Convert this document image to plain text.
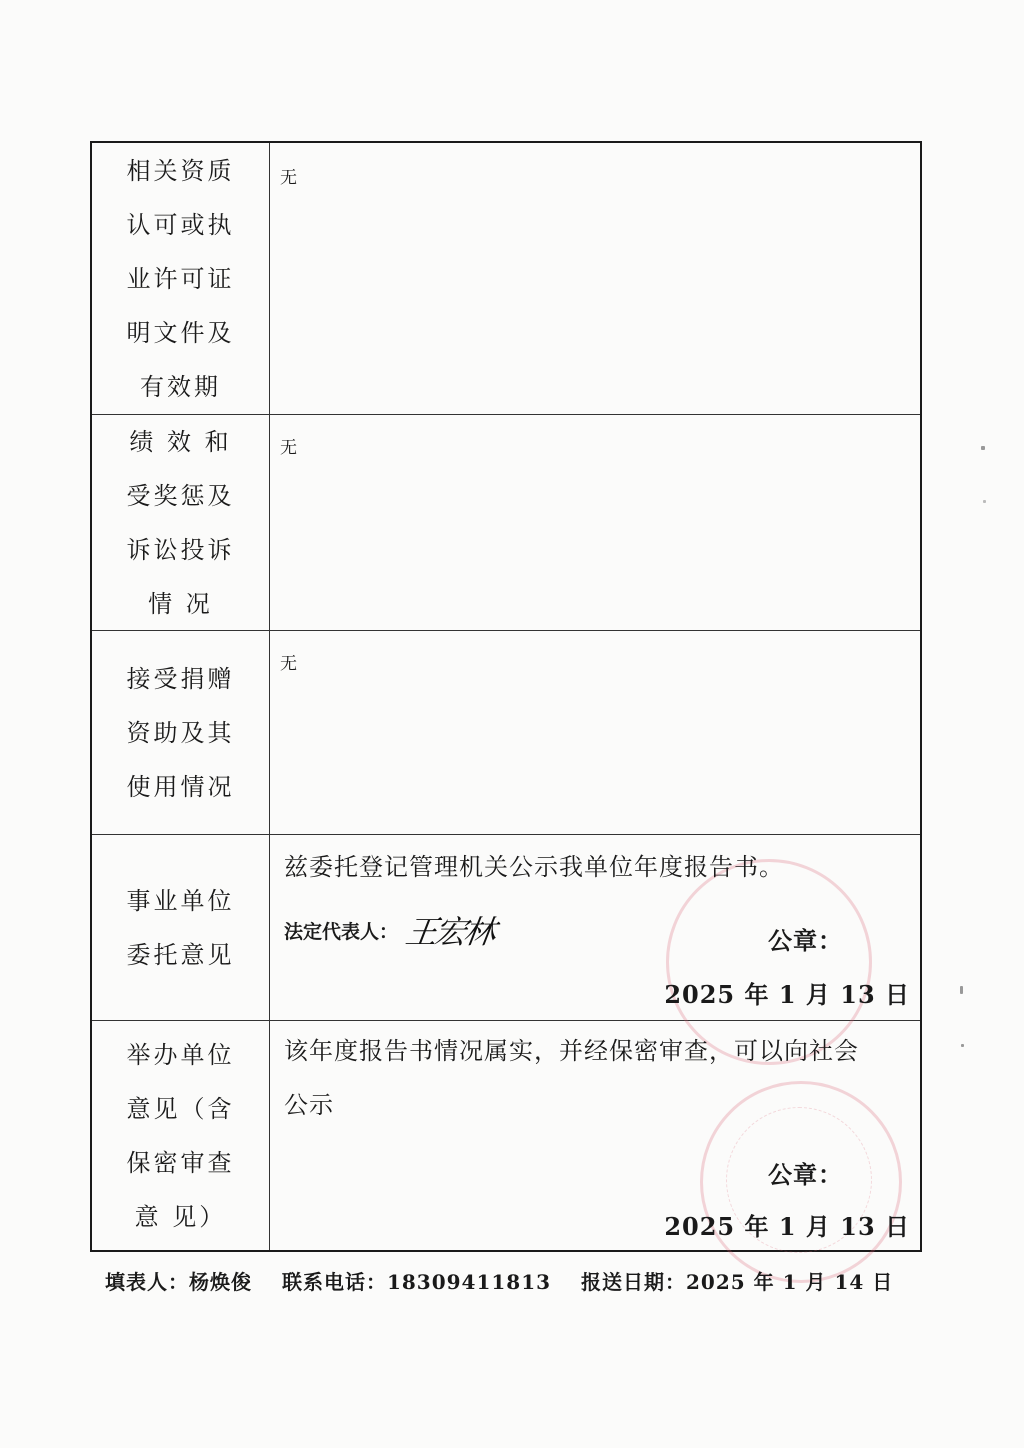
相关资质
认可或执
业许可证
明文件及
有效期
无
绩 效 和
受奖惩及
诉讼投诉
情 况
无
接受捐赠
资助及其
使用情况
无
事业单位
委托意见
兹委托登记管理机关公示我单位年度报告书。
法定代表人： 王宏林	公章：
2025 年 1 月 13 日
举办单位
意见（含
保密审查
意 见）
该年度报告书情况属实，并经保密审查，可以向社会
公示
公章：
2025 年 1 月 13 日
填表人：杨焕俊 联系电话：18309411813 报送日期：2025 年 1 月 14 日
